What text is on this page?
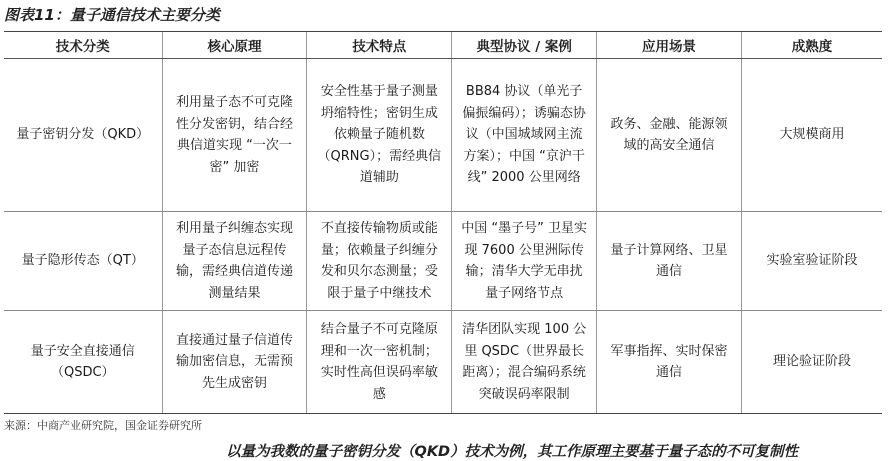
图表11：量子通信技术主要分类
技术分类	核心原理	技术特点	典型协议 / 案例	应用场景	成熟度
量子密钥分发（QKD）	利用量子态不可克隆性分发密钥，结合经典信道实现 “一次一密” 加密	安全性基于量子测量坍缩特性；密钥生成依赖量子随机数（QRNG）；需经典信道辅助	BB84 协议（单光子偏振编码）；诱骗态协议（中国城域网主流方案）；中国 “京沪干线” 2000 公里网络	政务、金融、能源领域的高安全通信	大规模商用
量子隐形传态（QT）	利用量子纠缠态实现量子态信息远程传输，需经典信道传递测量结果	不直接传输物质或能量；依赖量子纠缠分发和贝尔态测量；受限于量子中继技术	中国 “墨子号” 卫星实现 7600 公里洲际传输；清华大学无串扰量子网络节点	量子计算网络、卫星通信	实验室验证阶段
量子安全直接通信（QSDC）	直接通过量子信道传输加密信息，无需预先生成密钥	结合量子不可克隆原理和一次一密机制；实时性高但误码率敏感	清华团队实现 100 公里 QSDC（世界最长距离）；混合编码系统突破误码率限制	军事指挥、实时保密通信	理论验证阶段
来源：中商产业研究院，国金证券研究所
以量为我数的量子密钥分发（QKD）技术为例，其工作原理主要基于量子态的不可复制性
